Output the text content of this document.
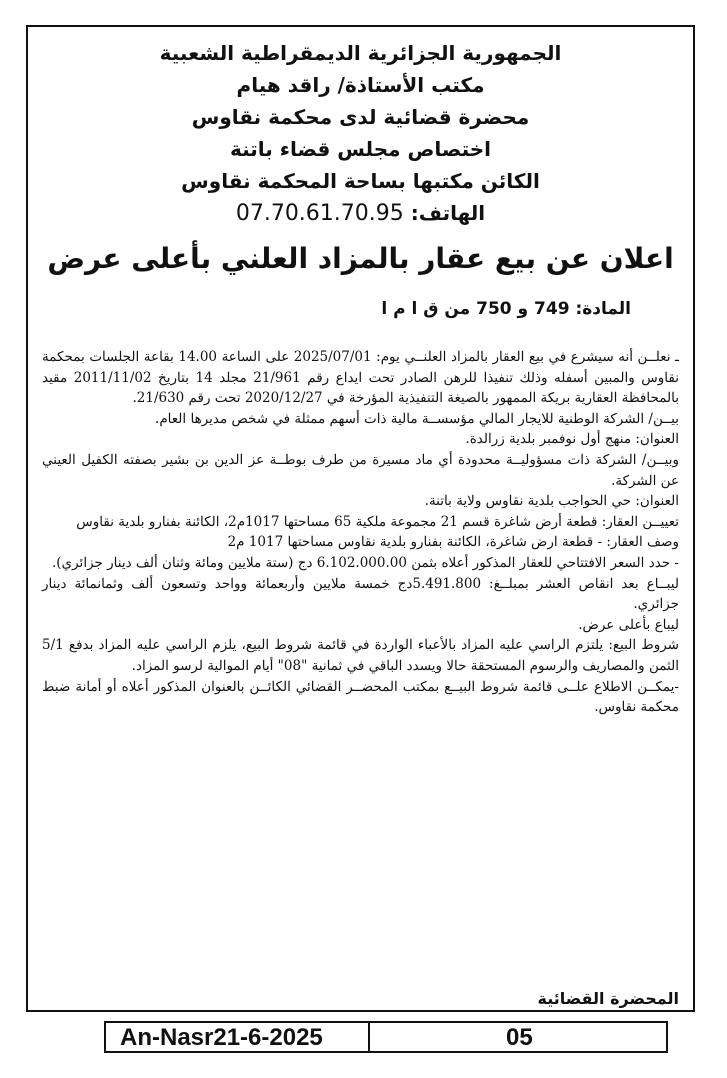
الجمهورية الجزائرية الديمقراطية الشعبية
مكتب الأستاذة/ راقد هيام
محضرة قضائية لدى محكمة نقاوس
اختصاص مجلس قضاء باتنة
الكائن مكتبها بساحة المحكمة نقاوس
الهاتف: 07.70.61.70.95
اعلان عن بيع عقار بالمزاد العلني بأعلى عرض
المادة: 749 و 750 من ق ا م ا

ـ نعلــن أنه سيشرع في بيع العقار بالمزاد العلنــي يوم: 2025/07/01 على الساعة 14.00 بقاعة الجلسات بمحكمة نقاوس والمبين أسفله وذلك تنفيذا للرهن الصادر تحت ايداع رقم 21/961 مجلد 14 بتاريخ 2011/11/02 مقيد بالمحافظة العقارية بريكة الممهور بالصيغة التنفيذية المؤرخة في 2020/12/27 تحت رقم 21/630.

بيــن/ الشركة الوطنية للايجار المالي مؤسســة مالية ذات أسهم ممثلة في شخص مديرها العام.

العنوان: منهج أول نوفمبر بلدية زرالدة.

وبيــن/ الشركة ذات مسؤوليــة محدودة أي ماد مسيرة من طرف بوطــة عز الدين بن بشير بصفته الكفيل العيني عن الشركة.

العنوان: حي الحواجب بلدية نقاوس ولاية باتنة.

تعييــن العقار: قطعة أرض شاغرة قسم 21 مجموعة ملكية 65 مساحتها 1017م2، الكائنة بفنارو بلدية نقاوس

وصف العقار: - قطعة ارض شاغرة، الكائنة بفنارو بلدية نقاوس مساحتها 1017 م2

- حدد السعر الافتتاحي للعقار المذكور أعلاه بثمن 6.102.000.00 دج (ستة ملايين ومائة وثنان ألف دينار جزائري).

ليبــاع بعد انقاص العشر بمبلــغ: 5.491.800دج خمسة ملايين وأربعمائة وواحد وتسعون ألف وثمانمائة دينار جزائري.

ليباع بأعلى عرض.

شروط البيع: يلتزم الراسي عليه المزاد بالأعباء الواردة في قائمة شروط البيع، يلزم الراسي عليه المزاد بدفع 5/1 الثمن والمصاريف والرسوم المستحقة حالا ويسدد الباقي في ثمانية "08" أيام الموالية لرسو المزاد.

-يمكــن الاطلاع علــى قائمة شروط البيــع بمكتب المحضــر القضائي الكائــن بالعنوان المذكور أعلاه أو أمانة ضبط محكمة نقاوس.

المحضرة القضائية
An-Nasr21-6-2025	05
